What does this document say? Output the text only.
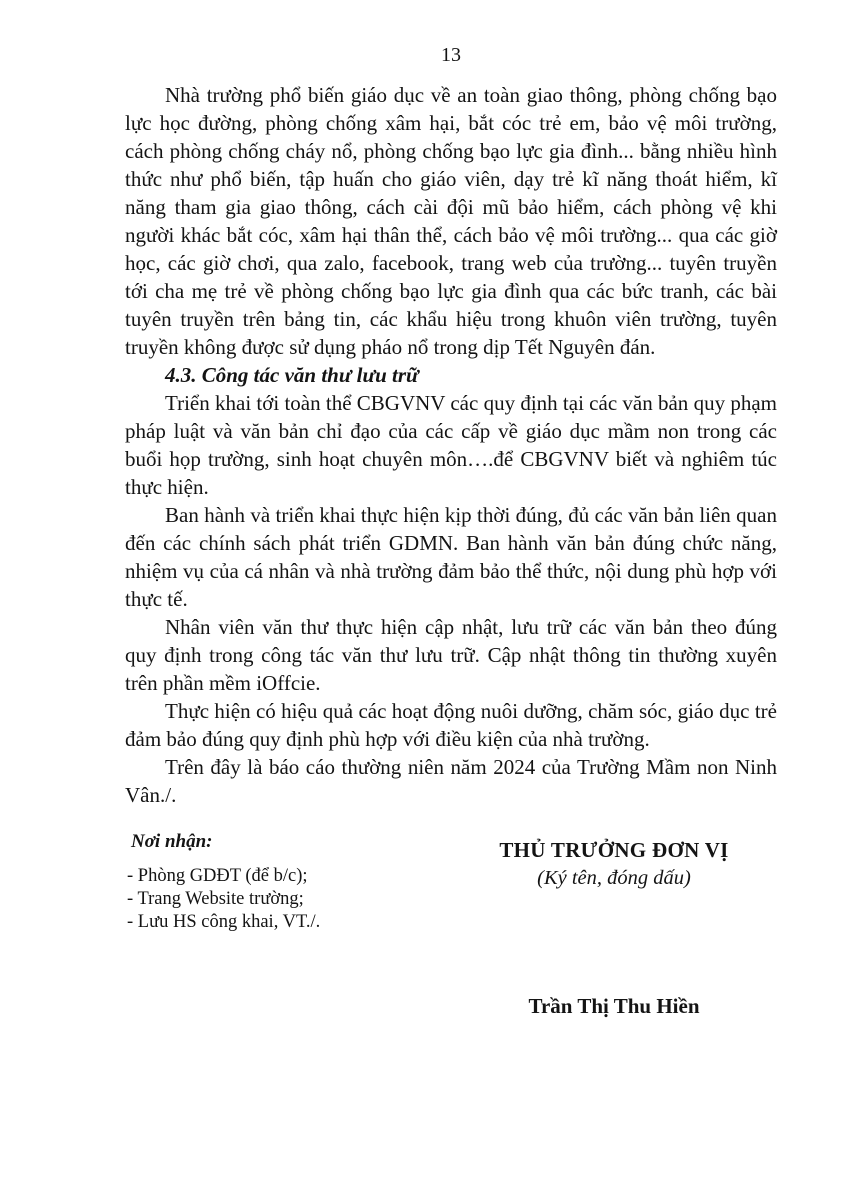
13

Nhà trường phổ biến giáo dục về an toàn giao thông, phòng chống bạo lực học đường, phòng chống xâm hại, bắt cóc trẻ em, bảo vệ môi trường, cách phòng chống cháy nổ, phòng chống bạo lực gia đình... bằng nhiều hình thức như phổ biến, tập huấn cho giáo viên, dạy trẻ kĩ năng thoát hiểm, kĩ năng tham gia giao thông, cách cài đội mũ bảo hiểm, cách phòng vệ khi người khác bắt cóc, xâm hại thân thể, cách bảo vệ môi trường... qua các giờ học, các giờ chơi, qua zalo, facebook, trang web của trường... tuyên truyền tới cha mẹ trẻ về phòng chống bạo lực gia đình qua các bức tranh, các bài tuyên truyền trên bảng tin, các khẩu hiệu trong khuôn viên trường, tuyên truyền không được sử dụng pháo nổ trong dịp Tết Nguyên đán.

4.3. Công tác văn thư lưu trữ

Triển khai tới toàn thể CBGVNV các quy định tại các văn bản quy phạm pháp luật và văn bản chỉ đạo của các cấp về giáo dục mầm non trong các buổi họp trường, sinh hoạt chuyên môn….để CBGVNV biết và nghiêm túc thực hiện.

Ban hành và triển khai thực hiện kịp thời đúng, đủ các văn bản liên quan đến các chính sách phát triển GDMN. Ban hành văn bản đúng chức năng, nhiệm vụ của cá nhân và nhà trường đảm bảo thể thức, nội dung phù hợp với thực tế.

Nhân viên văn thư thực hiện cập nhật, lưu trữ các văn bản theo đúng quy định trong công tác văn thư lưu trữ. Cập nhật thông tin thường xuyên trên phần mềm iOffcie.

Thực hiện có hiệu quả các hoạt động nuôi dưỡng, chăm sóc, giáo dục trẻ đảm bảo đúng quy định phù hợp với điều kiện của nhà trường.

Trên đây là báo cáo thường niên năm 2024 của Trường Mầm non Ninh Vân./.

Nơi nhận:
- Phòng GDĐT (để b/c);
- Trang Website trường;
- Lưu HS công khai, VT./.
THỦ TRƯỞNG ĐƠN VỊ
(Ký tên, đóng dấu)
Trần Thị Thu Hiền
